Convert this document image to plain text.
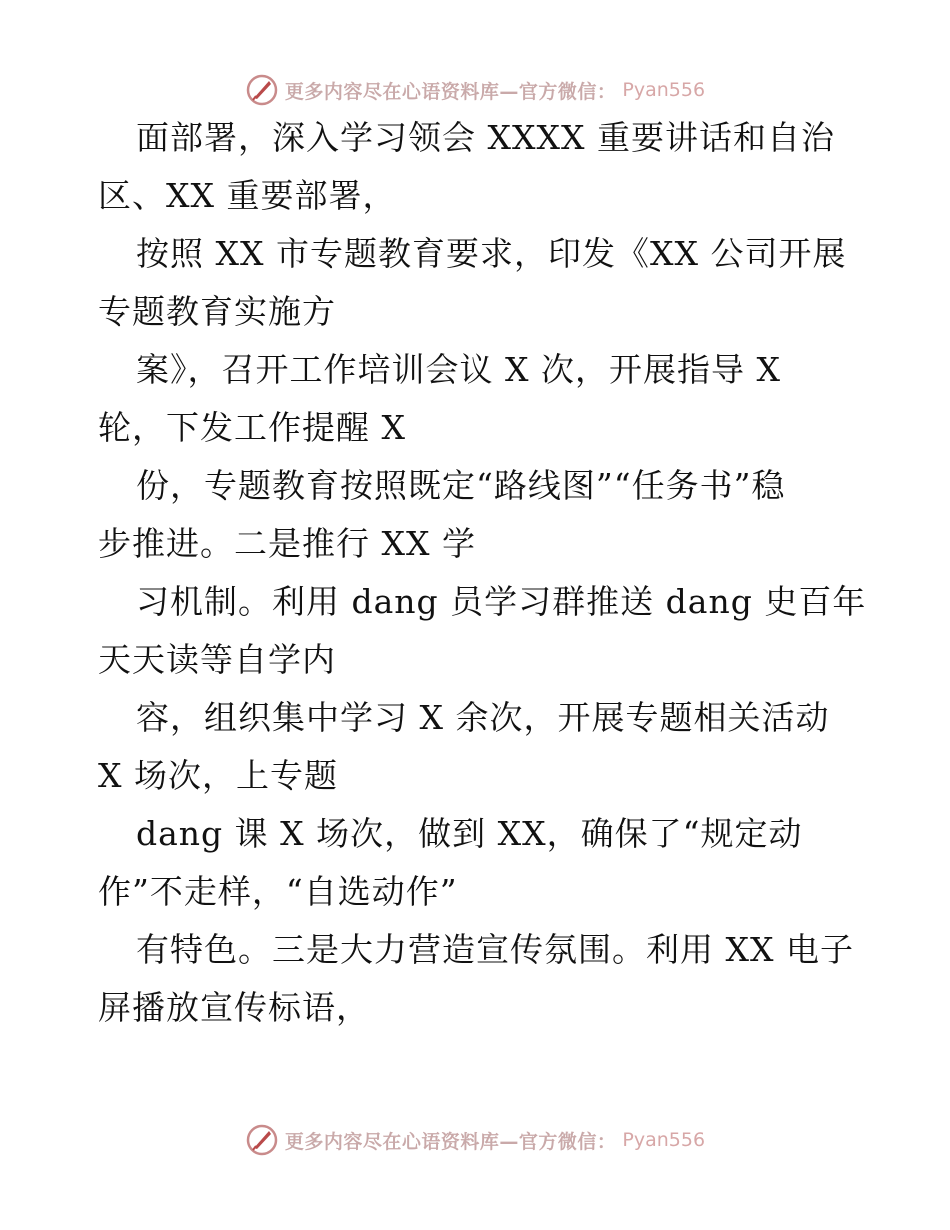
更多内容尽在心语资料库—官方微信： Pyan556
面部署，深入学习领会 XXXX 重要讲话和自治
区、XX 重要部署，
按照 XX 市专题教育要求，印发《XX 公司开展
专题教育实施方
案》，召开工作培训会议 X 次，开展指导 X
轮，下发工作提醒 X
份，专题教育按照既定“路线图”“任务书”稳
步推进。二是推行 XX 学
习机制。利用 dang 员学习群推送 dang 史百年
天天读等自学内
容，组织集中学习 X 余次，开展专题相关活动
X 场次，上专题
dang 课 X 场次，做到 XX，确保了“规定动
作”不走样，“自选动作”
有特色。三是大力营造宣传氛围。利用 XX 电子
屏播放宣传标语，
更多内容尽在心语资料库—官方微信： Pyan556
